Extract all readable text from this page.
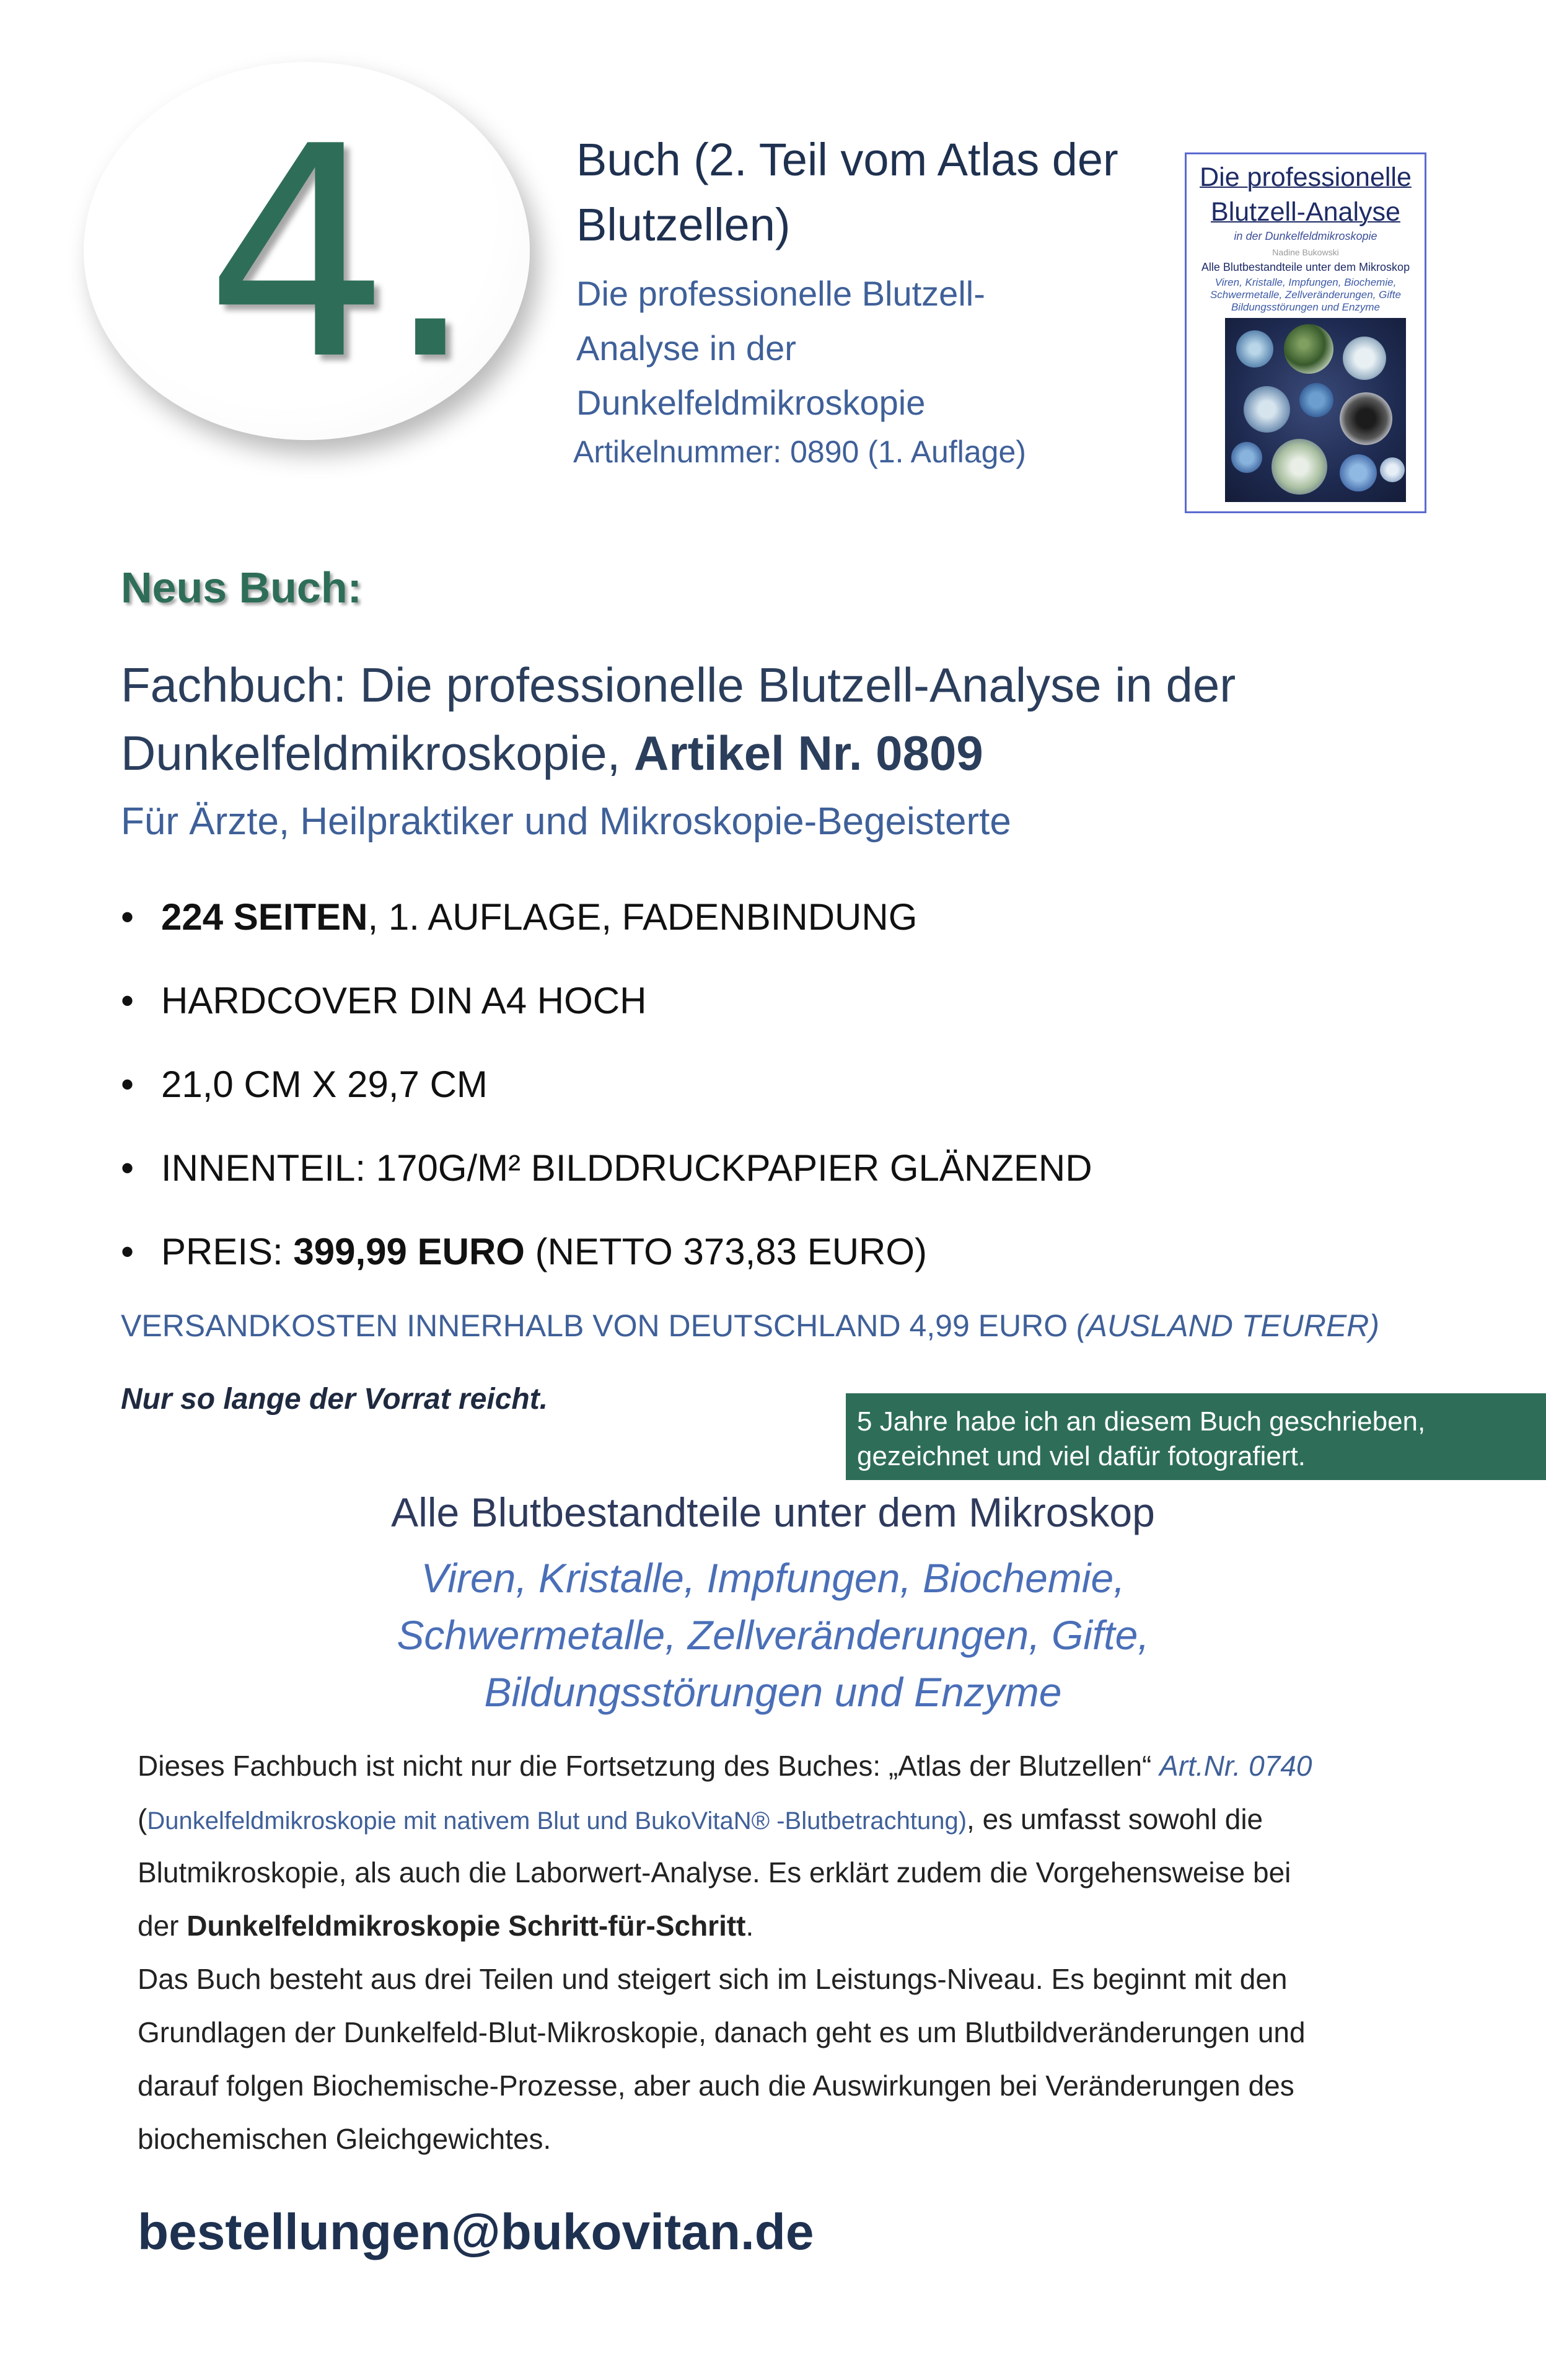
4. Buch (2. Teil vom Atlas der
Blutzellen)
Die professionelle Blutzell-
Analyse in der
Dunkelfeldmikroskopie
Artikelnummer: 0890 (1. Auflage)
Die professionelle
Blutzell-Analyse
in der Dunkelfeldmikroskopie
Nadine Bukowski
Alle Blutbestandteile unter dem Mikroskop
Viren, Kristalle, Impfungen, Biochemie,
Schwermetalle, Zellveränderungen, Gifte
Bildungsstörungen und Enzyme
Neus Buch:
Fachbuch: Die professionelle Blutzell-Analyse in der
Dunkelfeldmikroskopie, Artikel Nr. 0809
Für Ärzte, Heilpraktiker und Mikroskopie-Begeisterte
• 224 SEITEN, 1. AUFLAGE, FADENBINDUNG
• HARDCOVER DIN A4 HOCH
• 21,0 CM X 29,7 CM
• INNENTEIL: 170G/M² BILDDRUCKPAPIER GLÄNZEND
• PREIS: 399,99 EURO (NETTO 373,83 EURO)
VERSANDKOSTEN INNERHALB VON DEUTSCHLAND 4,99 EURO (AUSLAND TEURER)
Nur so lange der Vorrat reicht.
5 Jahre habe ich an diesem Buch geschrieben,
gezeichnet und viel dafür fotografiert.
Alle Blutbestandteile unter dem Mikroskop
Viren, Kristalle, Impfungen, Biochemie,
Schwermetalle, Zellveränderungen, Gifte,
Bildungsstörungen und Enzyme
Dieses Fachbuch ist nicht nur die Fortsetzung des Buches: „Atlas der Blutzellen“ Art.Nr. 0740
(Dunkelfeldmikroskopie mit nativem Blut und BukoVitaN® -Blutbetrachtung), es umfasst sowohl die
Blutmikroskopie, als auch die Laborwert-Analyse. Es erklärt zudem die Vorgehensweise bei
der Dunkelfeldmikroskopie Schritt-für-Schritt.
Das Buch besteht aus drei Teilen und steigert sich im Leistungs-Niveau. Es beginnt mit den
Grundlagen der Dunkelfeld-Blut-Mikroskopie, danach geht es um Blutbildveränderungen und
darauf folgen Biochemische-Prozesse, aber auch die Auswirkungen bei Veränderungen des
biochemischen Gleichgewichtes.
bestellungen@bukovitan.de
